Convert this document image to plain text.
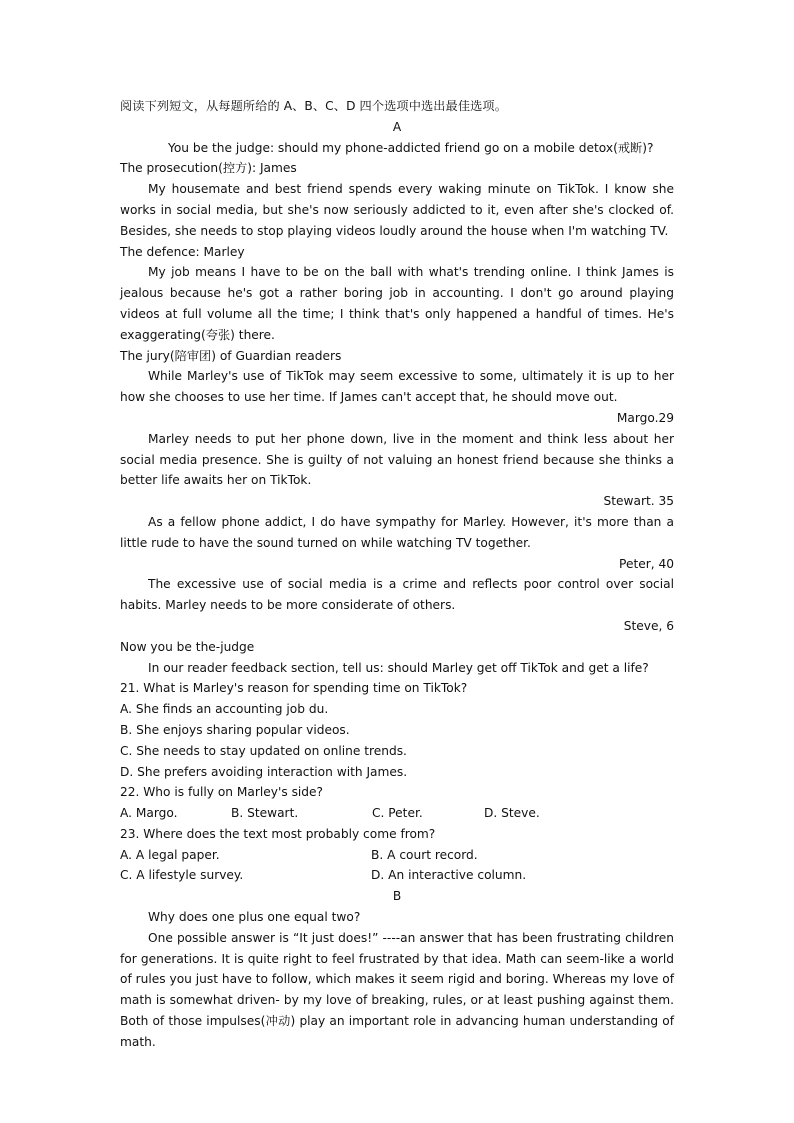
阅读下列短文，从每题所给的 A、B、C、D 四个选项中选出最佳选项。

A

You be the judge: should my phone-addicted friend go on a mobile detox(戒断)?

The prosecution(控方): James

My housemate and best friend spends every waking minute on TikTok. I know she works in social media, but she's now seriously addicted to it, even after she's clocked of. Besides, she needs to stop playing videos loudly around the house when I'm watching TV.

The defence: Marley

My job means I have to be on the ball with what's trending online. I think James is jealous because he's got a rather boring job in accounting. I don't go around playing videos at full volume all the time; I think that's only happened a handful of times. He's exaggerating(夸张) there.

The jury(陪审团) of Guardian readers

While Marley's use of TikTok may seem excessive to some, ultimately it is up to her how she chooses to use her time. If James can't accept that, he should move out.

Margo.29

Marley needs to put her phone down, live in the moment and think less about her social media presence. She is guilty of not valuing an honest friend because she thinks a better life awaits her on TikTok.

Stewart. 35

As a fellow phone addict, I do have sympathy for Marley. However, it's more than a little rude to have the sound turned on while watching TV together.

Peter, 40

The excessive use of social media is a crime and reflects poor control over social habits. Marley needs to be more considerate of others.

Steve, 6

Now you be the-judge

In our reader feedback section, tell us: should Marley get off TikTok and get a life?

21. What is Marley's reason for spending time on TikTok?

A. She finds an accounting job du.

B. She enjoys sharing popular videos.

C. She needs to stay updated on online trends.

D. She prefers avoiding interaction with James.

22. Who is fully on Marley's side?

A. Margo.	B. Stewart.	C. Peter.	D. Steve.

23. Where does the text most probably come from?

A. A legal paper.	B. A court record.

C. A lifestyle survey.	D. An interactive column.

B

Why does one plus one equal two?

One possible answer is “It just does!” ----an answer that has been frustrating children for generations. It is quite right to feel frustrated by that idea. Math can seem-like a world of rules you just have to follow, which makes it seem rigid and boring. Whereas my love of math is somewhat driven- by my love of breaking, rules, or at least pushing against them. Both of those impulses(冲动) play an important role in advancing human understanding of math.
